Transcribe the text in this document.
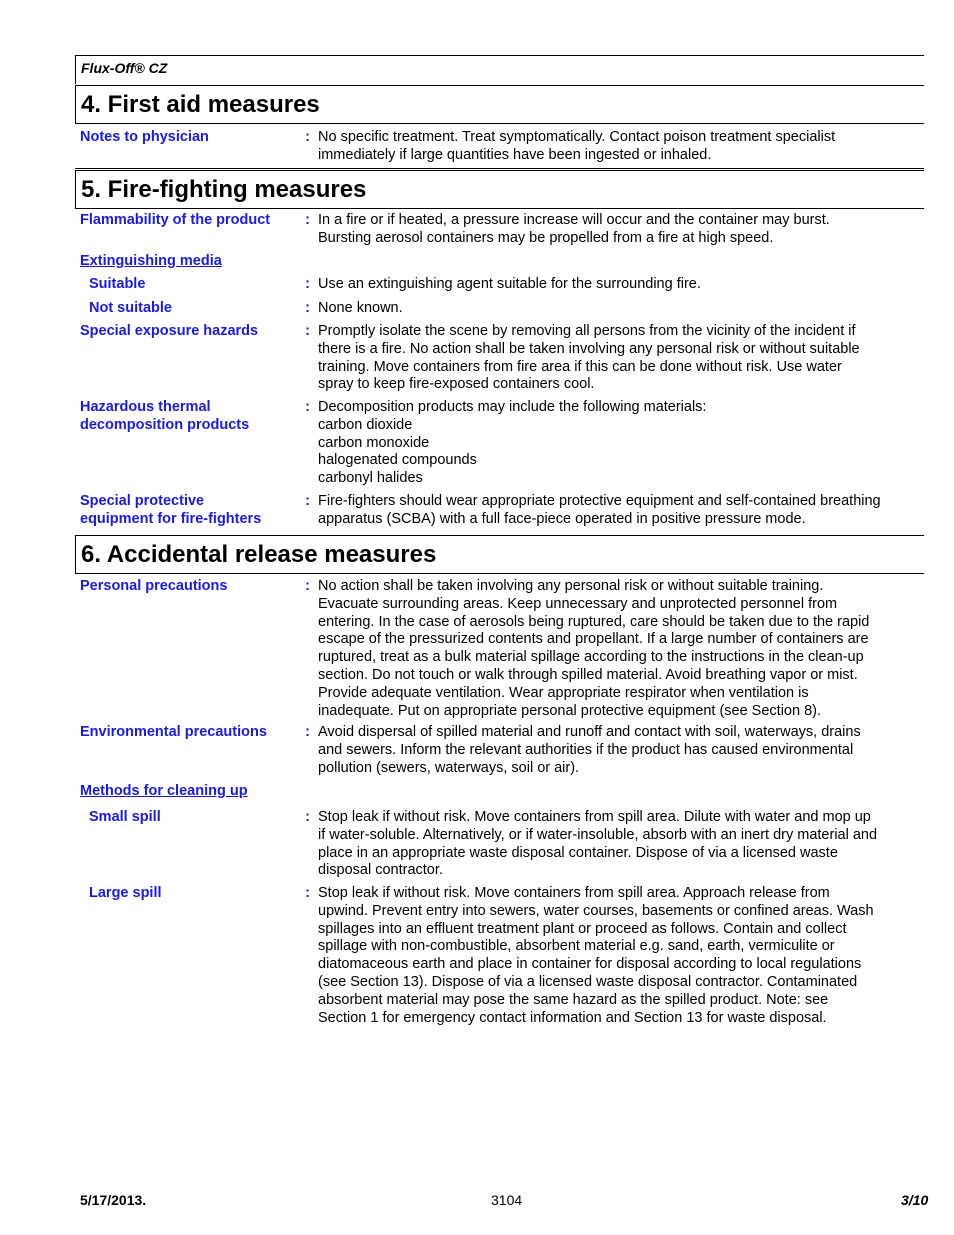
Flux-Off® CZ
4. First aid measures
Notes to physician	: No specific treatment. Treat symptomatically. Contact poison treatment specialist
immediately if large quantities have been ingested or inhaled.
5. Fire-fighting measures
Flammability of the product	: In a fire or if heated, a pressure increase will occur and the container may burst.
Bursting aerosol containers may be propelled from a fire at high speed.
Extinguishing media
Suitable	: Use an extinguishing agent suitable for the surrounding fire.
Not suitable	: None known.
Special exposure hazards	: Promptly isolate the scene by removing all persons from the vicinity of the incident if
there is a fire. No action shall be taken involving any personal risk or without suitable
training. Move containers from fire area if this can be done without risk. Use water
spray to keep fire-exposed containers cool.
Hazardous thermal
decomposition products
: Decomposition products may include the following materials:
carbon dioxide
carbon monoxide
halogenated compounds
carbonyl halides
Special protective
equipment for fire-fighters
: Fire-fighters should wear appropriate protective equipment and self-contained breathing
apparatus (SCBA) with a full face-piece operated in positive pressure mode.
6. Accidental release measures
Personal precautions	: No action shall be taken involving any personal risk or without suitable training.
Evacuate surrounding areas. Keep unnecessary and unprotected personnel from
entering. In the case of aerosols being ruptured, care should be taken due to the rapid
escape of the pressurized contents and propellant. If a large number of containers are
ruptured, treat as a bulk material spillage according to the instructions in the clean-up
section. Do not touch or walk through spilled material. Avoid breathing vapor or mist.
Provide adequate ventilation. Wear appropriate respirator when ventilation is
inadequate. Put on appropriate personal protective equipment (see Section 8).
Environmental precautions	: Avoid dispersal of spilled material and runoff and contact with soil, waterways, drains
and sewers. Inform the relevant authorities if the product has caused environmental
pollution (sewers, waterways, soil or air).
Methods for cleaning up
Small spill	: Stop leak if without risk. Move containers from spill area. Dilute with water and mop up
if water-soluble. Alternatively, or if water-insoluble, absorb with an inert dry material and
place in an appropriate waste disposal container. Dispose of via a licensed waste
disposal contractor.
Large spill	: Stop leak if without risk. Move containers from spill area. Approach release from
upwind. Prevent entry into sewers, water courses, basements or confined areas. Wash
spillages into an effluent treatment plant or proceed as follows. Contain and collect
spillage with non-combustible, absorbent material e.g. sand, earth, vermiculite or
diatomaceous earth and place in container for disposal according to local regulations
(see Section 13). Dispose of via a licensed waste disposal contractor. Contaminated
absorbent material may pose the same hazard as the spilled product. Note: see
Section 1 for emergency contact information and Section 13 for waste disposal.
5/17/2013.	3104	3/10
